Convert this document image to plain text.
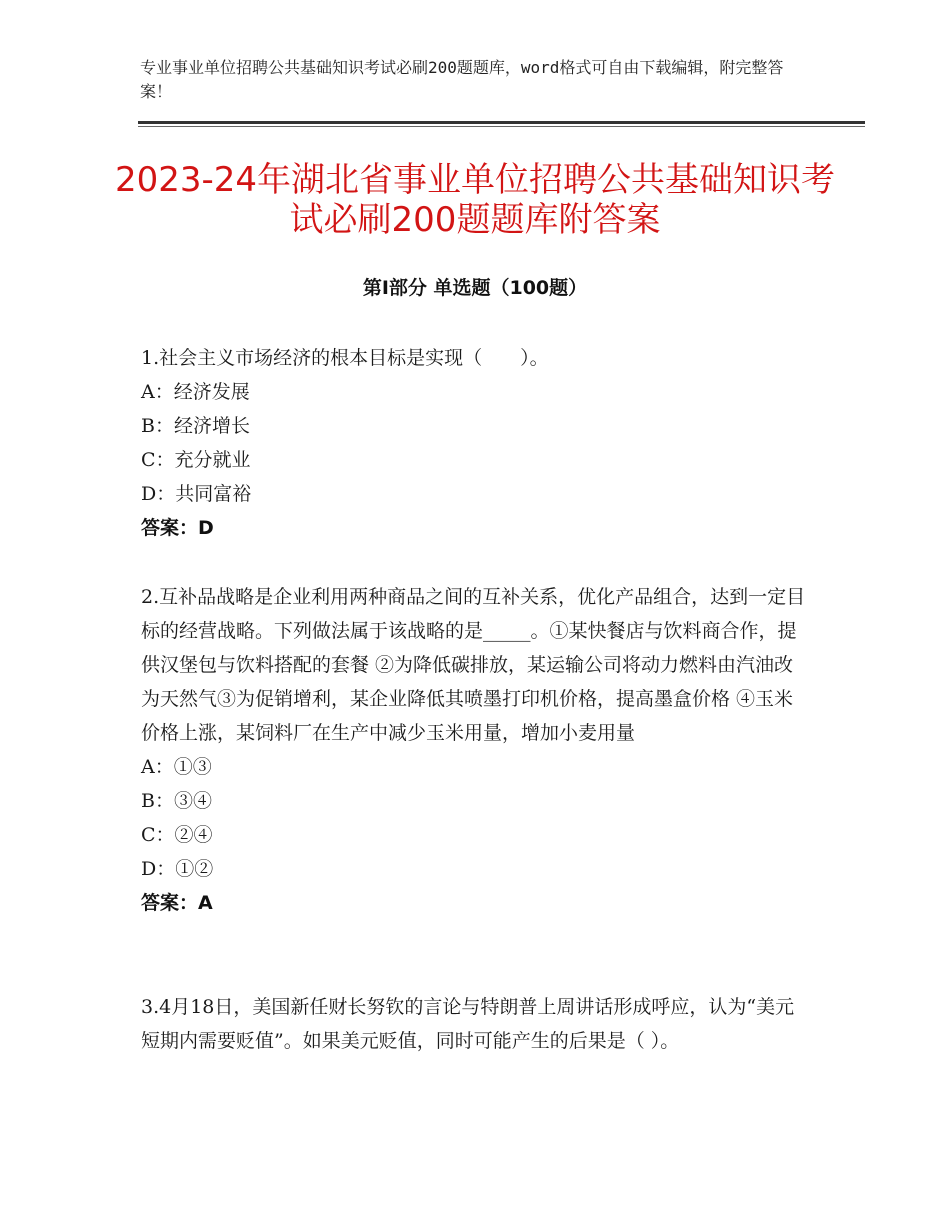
专业事业单位招聘公共基础知识考试必刷200题题库，word格式可自由下载编辑，附完整答案！
2023-24年湖北省事业单位招聘公共基础知识考试必刷200题题库附答案
第Ⅰ部分 单选题（100题）
1.社会主义市场经济的根本目标是实现（　　）。
A：经济发展
B：经济增长
C：充分就业
D：共同富裕
答案：D
2.互补品战略是企业利用两种商品之间的互补关系，优化产品组合，达到一定目标的经营战略。下列做法属于该战略的是_____。①某快餐店与饮料商合作，提供汉堡包与饮料搭配的套餐 ②为降低碳排放，某运输公司将动力燃料由汽油改为天然气③为促销增利，某企业降低其喷墨打印机价格，提高墨盒价格 ④玉米价格上涨，某饲料厂在生产中减少玉米用量，增加小麦用量
A：①③
B：③④
C：②④
D：①②
答案：A
3.4月18日，美国新任财长努钦的言论与特朗普上周讲话形成呼应，认为“美元短期内需要贬值”。如果美元贬值，同时可能产生的后果是（ ）。
